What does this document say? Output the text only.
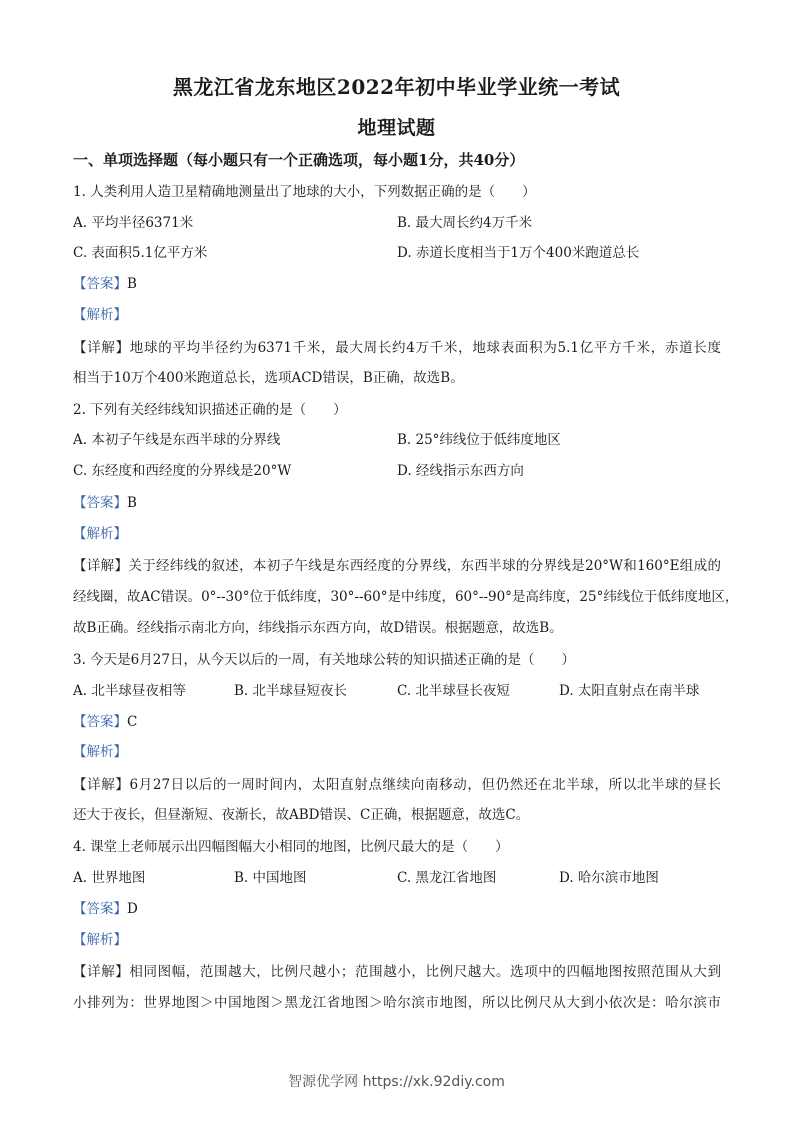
黑龙江省龙东地区2022年初中毕业学业统一考试
地理试题
一、单项选择题（每小题只有一个正确选项，每小题1分，共40分）
1. 人类利用人造卫星精确地测量出了地球的大小，下列数据正确的是（　　）
A. 平均半径6371米	B. 最大周长约4万千米
C. 表面积5.1亿平方米	D. 赤道长度相当于1万个400米跑道总长
【答案】B
【解析】
【详解】地球的平均半径约为6371千米，最大周长约4万千米，地球表面积为5.1亿平方千米，赤道长度
相当于10万个400米跑道总长，选项ACD错误，B正确，故选B。
2. 下列有关经纬线知识描述正确的是（　　）
A. 本初子午线是东西半球的分界线	B. 25°纬线位于低纬度地区
C. 东经度和西经度的分界线是20°W	D. 经线指示东西方向
【答案】B
【解析】
【详解】关于经纬线的叙述，本初子午线是东西经度的分界线，东西半球的分界线是20°W和160°E组成的
经线圈，故AC错误。0°--30°位于低纬度，30°--60°是中纬度，60°--90°是高纬度，25°纬线位于低纬度地区，
故B正确。经线指示南北方向，纬线指示东西方向，故D错误。根据题意，故选B。
3. 今天是6月27日，从今天以后的一周，有关地球公转的知识描述正确的是（　　）
A. 北半球昼夜相等	B. 北半球昼短夜长	C. 北半球昼长夜短	D. 太阳直射点在南半球
【答案】C
【解析】
【详解】6月27日以后的一周时间内，太阳直射点继续向南移动，但仍然还在北半球，所以北半球的昼长
还大于夜长，但昼渐短、夜渐长，故ABD错误、C正确，根据题意，故选C。
4. 课堂上老师展示出四幅图幅大小相同的地图，比例尺最大的是（　　）
A. 世界地图	B. 中国地图	C. 黑龙江省地图	D. 哈尔滨市地图
【答案】D
【解析】
【详解】相同图幅，范围越大，比例尺越小；范围越小，比例尺越大。选项中的四幅地图按照范围从大到
小排列为：世界地图＞中国地图＞黑龙江省地图＞哈尔滨市地图，所以比例尺从大到小依次是：哈尔滨市
智源优学网 https://xk.92diy.com
